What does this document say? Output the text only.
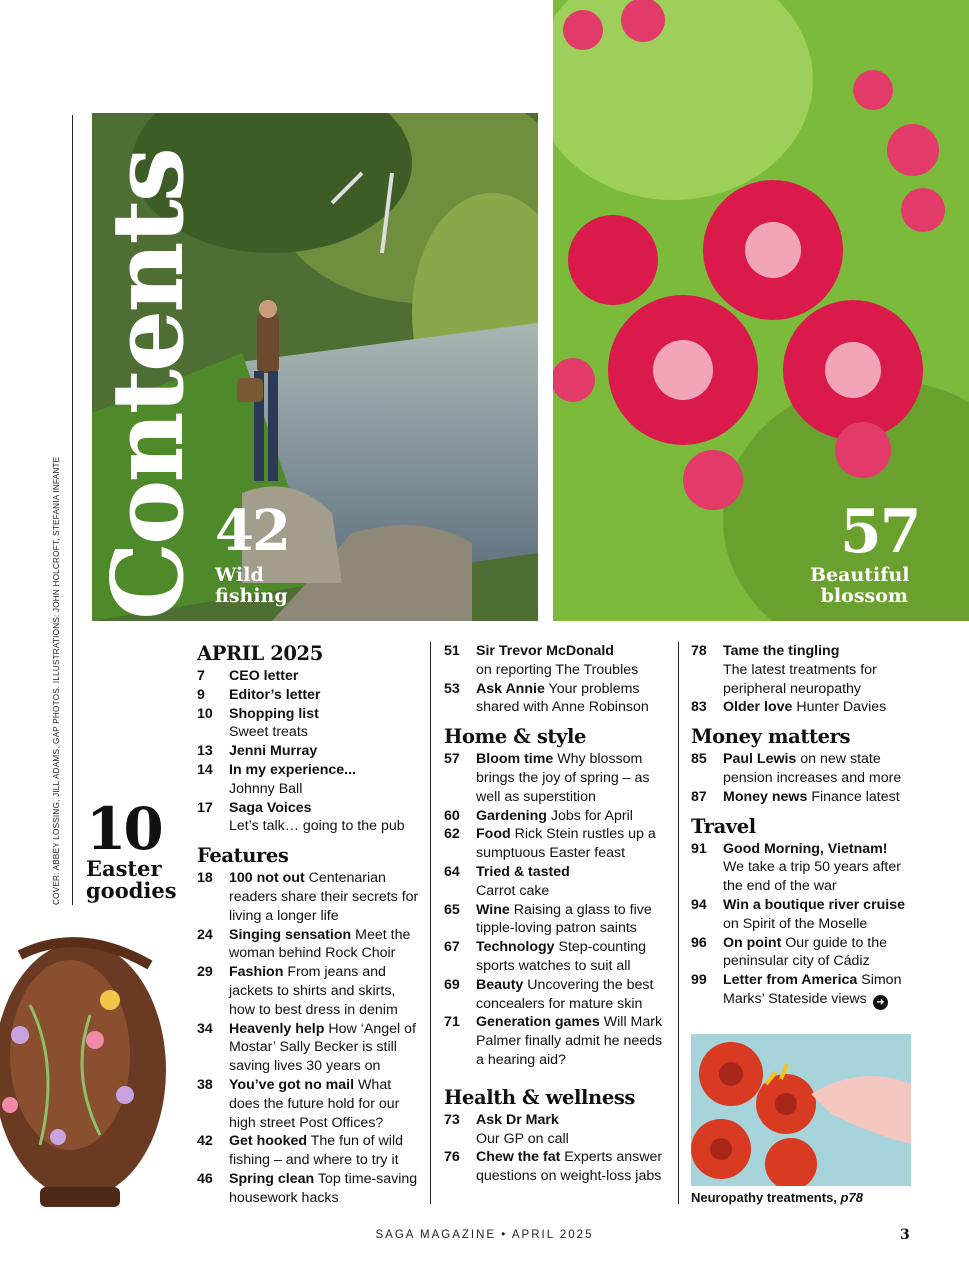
COVER: ABBEY LOSSING, JILL ADAMS, GAP PHOTOS. ILLUSTRATIONS: JOHN HOLCROFT, STEFANIA INFANTE
Contents 42
Wild
fishing
57
Beautiful
blossom
10
Easter
goodies
APRIL 2025
7	CEO letter
9	Editor’s letter
10	Shopping list
Sweet treats
13	Jenni Murray
14	In my experience...
Johnny Ball
17	Saga Voices
Let’s talk… going to the pub
Features
18	100 not out Centenarian readers share their secrets for living a longer life
24	Singing sensation Meet the woman behind Rock Choir
29	Fashion From jeans and jackets to shirts and skirts, how to best dress in denim
34	Heavenly help How ‘Angel of Mostar’ Sally Becker is still saving lives 30 years on
38	You’ve got no mail What does the future hold for our high street Post Offices?
42	Get hooked The fun of wild fishing – and where to try it
46	Spring clean Top time-saving housework hacks
51	Sir Trevor McDonald
on reporting The Troubles
53	Ask Annie Your problems shared with Anne Robinson
Home & style
57	Bloom time Why blossom brings the joy of spring – as well as superstition
60	Gardening Jobs for April
62	Food Rick Stein rustles up a sumptuous Easter feast
64	Tried & tasted
Carrot cake
65	Wine Raising a glass to five tipple-loving patron saints
67	Technology Step-counting sports watches to suit all
69	Beauty Uncovering the best concealers for mature skin
71	Generation games Will Mark Palmer finally admit he needs a hearing aid?
Health & wellness
73	Ask Dr Mark
Our GP on call
76	Chew the fat Experts answer questions on weight-loss jabs
78	Tame the tingling
The latest treatments for peripheral neuropathy
83	Older love Hunter Davies
Money matters
85	Paul Lewis on new state pension increases and more
87	Money news Finance latest
Travel
91	Good Morning, Vietnam!
We take a trip 50 years after the end of the war
94	Win a boutique river cruise on Spirit of the Moselle
96	On point Our guide to the peninsular city of Cádiz
99	Letter from America Simon Marks’ Stateside views ➜
Neuropathy treatments, p78
SAGA MAGAZINE • APRIL 2025	3
